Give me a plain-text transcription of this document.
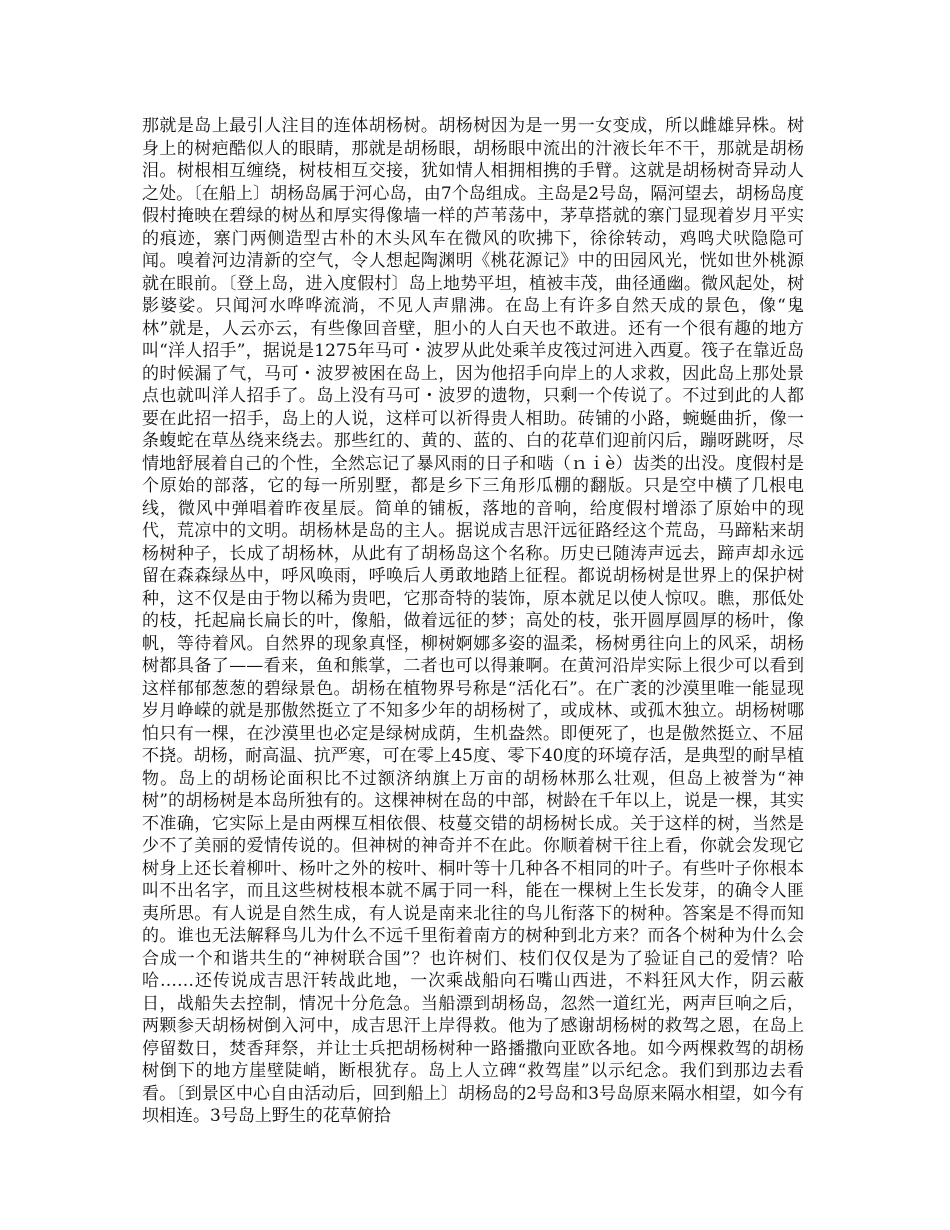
那就是岛上最引人注目的连体胡杨树。胡杨树因为是一男一女变成，所以雌雄异株。树身上的树疤酷似人的眼睛，那就是胡杨眼，胡杨眼中流出的汁液长年不干，那就是胡杨泪。树根相互缠绕，树枝相互交接，犹如情人相拥相携的手臂。这就是胡杨树奇异动人之处。〔在船上〕胡杨岛属于河心岛，由7个岛组成。主岛是2号岛，隔河望去，胡杨岛度假村掩映在碧绿的树丛和厚实得像墙一样的芦苇荡中，茅草搭就的寨门显现着岁月平实的痕迹，寨门两侧造型古朴的木头风车在微风的吹拂下，徐徐转动，鸡鸣犬吠隐隐可闻。嗅着河边清新的空气，令人想起陶渊明《桃花源记》中的田园风光，恍如世外桃源就在眼前。〔登上岛，进入度假村〕岛上地势平坦，植被丰茂，曲径通幽。微风起处，树影婆娑。只闻河水哗哗流淌，不见人声鼎沸。在岛上有许多自然天成的景色，像“鬼林”就是，人云亦云，有些像回音壁，胆小的人白天也不敢进。还有一个很有趣的地方叫“洋人招手”，据说是1275年马可・波罗从此处乘羊皮筏过河进入西夏。筏子在靠近岛的时候漏了气，马可・波罗被困在岛上，因为他招手向岸上的人求救，因此岛上那处景点也就叫洋人招手了。岛上没有马可・波罗的遗物，只剩一个传说了。不过到此的人都要在此招一招手，岛上的人说，这样可以祈得贵人相助。砖铺的小路，蜿蜒曲折，像一条蝮蛇在草丛绕来绕去。那些红的、黄的、蓝的、白的花草们迎前闪后，蹦呀跳呀，尽情地舒展着自己的个性，全然忘记了暴风雨的日子和啮（ｎｉè）齿类的出没。度假村是个原始的部落，它的每一所别墅，都是乡下三角形瓜棚的翻版。只是空中横了几根电线，微风中弹唱着昨夜星辰。简单的铺板，落地的音响，给度假村增添了原始中的现代，荒凉中的文明。胡杨林是岛的主人。据说成吉思汗远征路经这个荒岛，马蹄粘来胡杨树种子，长成了胡杨林，从此有了胡杨岛这个名称。历史已随涛声远去，蹄声却永远留在森森绿丛中，呼风唤雨，呼唤后人勇敢地踏上征程。都说胡杨树是世界上的保护树种，这不仅是由于物以稀为贵吧，它那奇特的装饰，原本就足以使人惊叹。瞧，那低处的枝，托起扁长扁长的叶，像船，做着远征的梦；高处的枝，张开圆厚圆厚的杨叶，像帆，等待着风。自然界的现象真怪，柳树婀娜多姿的温柔，杨树勇往向上的风采，胡杨树都具备了——看来，鱼和熊掌，二者也可以得兼啊。在黄河沿岸实际上很少可以看到这样郁郁葱葱的碧绿景色。胡杨在植物界号称是“活化石”。在广袤的沙漠里唯一能显现岁月峥嵘的就是那傲然挺立了不知多少年的胡杨树了，或成林、或孤木独立。胡杨树哪怕只有一棵，在沙漠里也必定是绿树成荫，生机盎然。即便死了，也是傲然挺立、不屈不挠。胡杨，耐高温、抗严寒，可在零上45度、零下40度的环境存活，是典型的耐旱植物。岛上的胡杨论面积比不过额济纳旗上万亩的胡杨林那么壮观，但岛上被誉为“神树”的胡杨树是本岛所独有的。这棵神树在岛的中部，树龄在千年以上，说是一棵，其实不准确，它实际上是由两棵互相依偎、枝蔓交错的胡杨树长成。关于这样的树，当然是少不了美丽的爱情传说的。但神树的神奇并不在此。你顺着树干往上看，你就会发现它树身上还长着柳叶、杨叶之外的桉叶、桐叶等十几种各不相同的叶子。有些叶子你根本叫不出名字，而且这些树枝根本就不属于同一科，能在一棵树上生长发芽，的确令人匪夷所思。有人说是自然生成，有人说是南来北往的鸟儿衔落下的树种。答案是不得而知的。谁也无法解释鸟儿为什么不远千里衔着南方的树种到北方来？而各个树种为什么会合成一个和谐共生的“神树联合国”？也许树们、枝们仅仅是为了验证自己的爱情？哈哈……还传说成吉思汗转战此地，一次乘战船向石嘴山西进，不料狂风大作，阴云蔽日，战船失去控制，情况十分危急。当船漂到胡杨岛，忽然一道红光，两声巨响之后，两颗参天胡杨树倒入河中，成吉思汗上岸得救。他为了感谢胡杨树的救驾之恩，在岛上停留数日，焚香拜祭，并让士兵把胡杨树种一路播撒向亚欧各地。如今两棵救驾的胡杨树倒下的地方崖壁陡峭，断根犹存。岛上人立碑“救驾崖”以示纪念。我们到那边去看看。〔到景区中心自由活动后，回到船上〕胡杨岛的2号岛和3号岛原来隔水相望，如今有坝相连。3号岛上野生的花草俯拾
